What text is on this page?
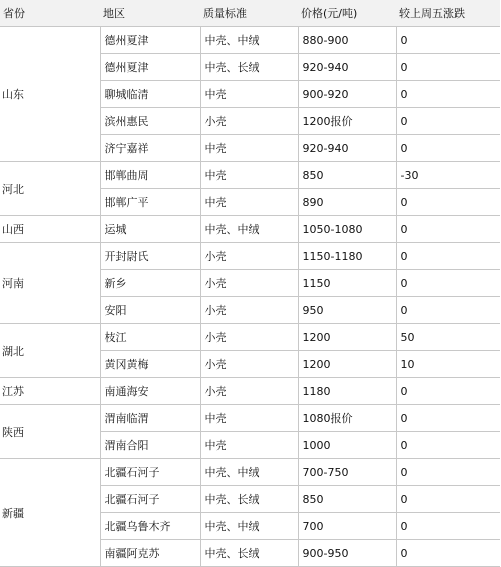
省份	地区	质量标准	价格(元/吨)	较上周五涨跌
山东	德州夏津	中壳、中绒	880-900	0
	德州夏津	中壳、长绒	920-940	0
	聊城临清	中壳	900-920	0
	滨州惠民	小壳	1200报价	0
	济宁嘉祥	中壳	920-940	0
河北	邯郸曲周	中壳	850	-30
	邯郸广平	中壳	890	0
山西	运城	中壳、中绒	1050-1080	0
河南	开封尉氏	小壳	1150-1180	0
	新乡	小壳	1150	0
	安阳	小壳	950	0
湖北	枝江	小壳	1200	50
	黄冈黄梅	小壳	1200	10
江苏	南通海安	小壳	1180	0
陕西	渭南临渭	中壳	1080报价	0
	渭南合阳	中壳	1000	0
新疆	北疆石河子	中壳、中绒	700-750	0
	北疆石河子	中壳、长绒	850	0
	北疆乌鲁木齐	中壳、中绒	700	0
	南疆阿克苏	中壳、长绒	900-950	0
